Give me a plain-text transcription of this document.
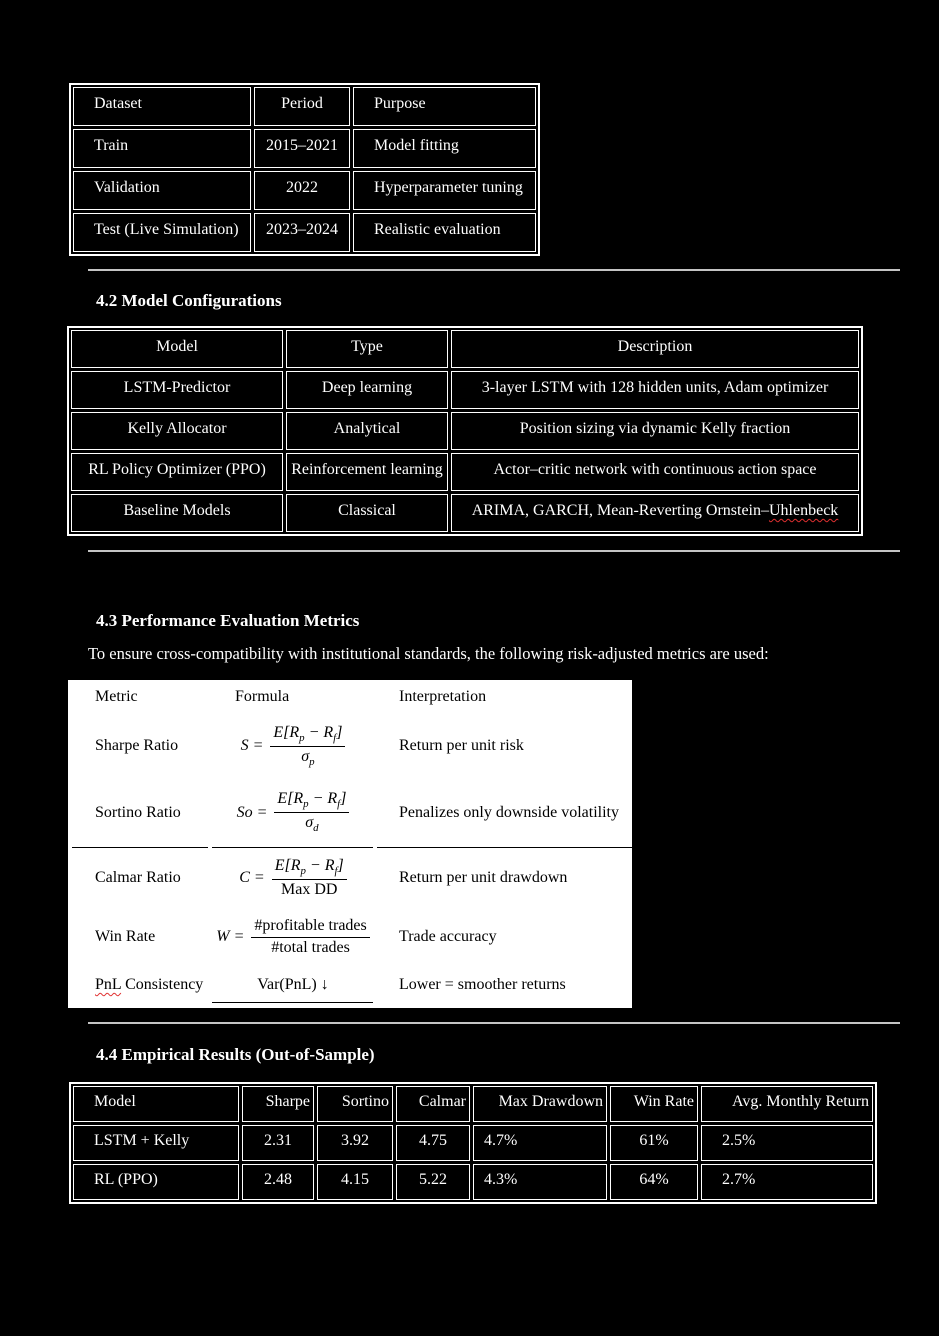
Dataset	Period	Purpose
Train	2015–2021	Model fitting
Validation	2022	Hyperparameter tuning
Test (Live Simulation)	2023–2024	Realistic evaluation
4.2 Model Configurations
Model	Type	Description
LSTM-Predictor	Deep learning	3-layer LSTM with 128 hidden units, Adam optimizer
Kelly Allocator	Analytical	Position sizing via dynamic Kelly fraction
RL Policy Optimizer (PPO)	Reinforcement learning	Actor–critic network with continuous action space
Baseline Models	Classical	ARIMA, GARCH, Mean-Reverting Ornstein–Uhlenbeck
4.3 Performance Evaluation Metrics
To ensure cross-compatibility with institutional standards, the following risk-adjusted metrics are used:
Metric	Formula	Interpretation
Sharpe Ratio	$S = \frac{E[R_p - R_f]}{\sigma_p}$	Return per unit risk
Sortino Ratio	$So = \frac{E[R_p - R_f]}{\sigma_d}$	Penalizes only downside volatility
Calmar Ratio	$C = \frac{E[R_p - R_f]}{\text{Max DD}}$	Return per unit drawdown
Win Rate	$W = \frac{\text{\#profitable trades}}{\text{\#total trades}}$	Trade accuracy
PnL Consistency	Var(PnL) ↓	Lower = smoother returns
4.4 Empirical Results (Out-of-Sample)
Model	Sharpe	Sortino	Calmar	Max Drawdown	Win Rate	Avg. Monthly Return
LSTM + Kelly	2.31	3.92	4.75	4.7%	61%	2.5%
RL (PPO)	2.48	4.15	5.22	4.3%	64%	2.7%
